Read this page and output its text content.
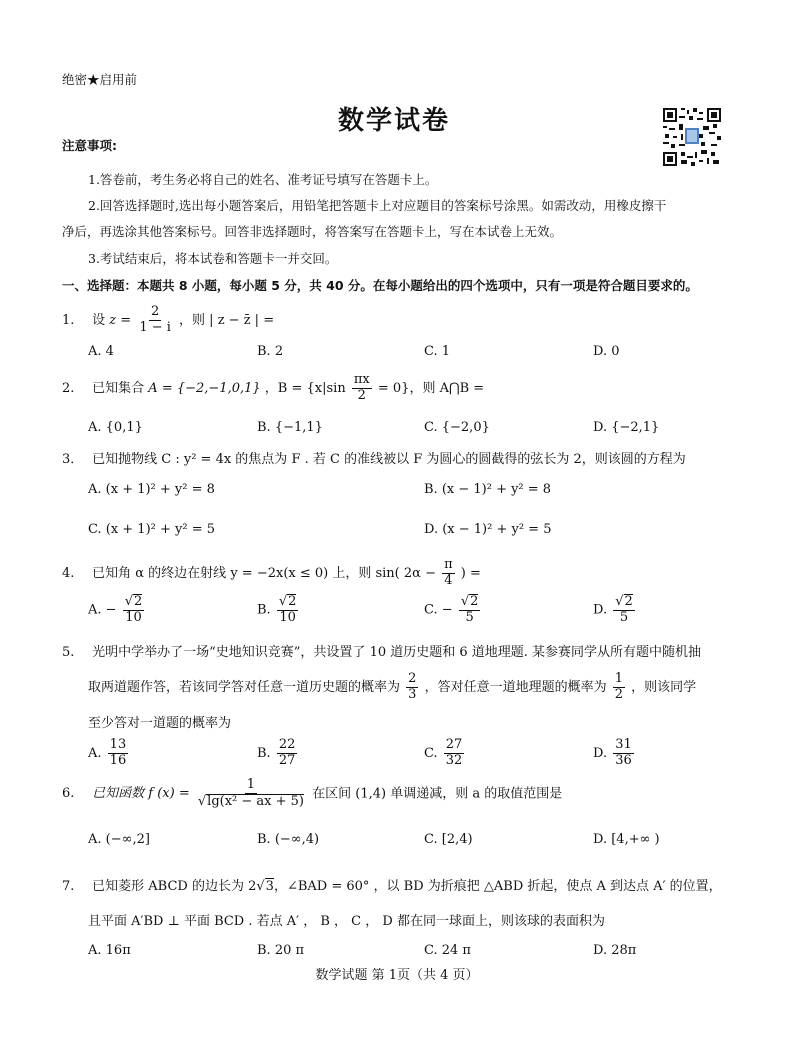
绝密★启用前
数学试卷
注意事项:
1.答卷前，考生务必将自己的姓名、准考证号填写在答题卡上。
2.回答选择题时,选出每小题答案后，用铅笔把答题卡上对应题目的答案标号涂黑。如需改动，用橡皮擦干
净后，再选涂其他答案标号。回答非选择题时，将答案写在答题卡上，写在本试卷上无效。
3.考试结束后，将本试卷和答题卡一并交回。
一、选择题：本题共 8 小题，每小题 5 分，共 40 分。在每小题给出的四个选项中，只有一项是符合题目要求的。
1. 设 $z = \frac{2}{1 - i}$ ，则 | z − z̄ | =
A. 4	B. 2	C. 1	D. 0
2. 已知集合 A = {−2,−1,0,1} ，$B = \{x|\sin \frac{\pi x}{2} = 0\}$，则 A⋂B =
A. {0,1}	B. {−1,1}	C. {−2,0}	D. {−2,1}
3． 已知抛物线 C : y² = 4x 的焦点为 F . 若 C 的准线被以 F 为圆心的圆截得的弦长为 2，则该圆的方程为
A. (x + 1)² + y² = 8	B. (x − 1)² + y² = 8
C. (x + 1)² + y² = 5	D. (x − 1)² + y² = 5
4. 已知角 α 的终边在射线 y = −2x(x ≤ 0) 上，则 sin( $2\alpha - \frac{\pi}{4}$ ) =
A. − $\frac{√2}{10}$	B. $\frac{√2}{10}$	C. − $\frac{√2}{5}$	D. $\frac{√2}{5}$
5. 光明中学举办了一场“史地知识竞赛”，共设置了 10 道历史题和 6 道地理题. 某参赛同学从所有题中随机抽
取两道题作答，若该同学答对任意一道历史题的概率为 $\frac{2}{3}$ ，答对任意一道地理题的概率为 $\frac{1}{2}$ ，则该同学
至少答对一道题的概率为
A. $\frac{13}{16}$	B. $\frac{22}{27}$	C. $\frac{27}{32}$	D. $\frac{31}{36}$
6. 已知函数 f $(x) = \frac{1}{\text{√lg(x² − ax + 5)}}$ 在区间 (1,4) 单调递减，则 a 的取值范围是
A. (−∞,2]	B. (−∞,4)	C. [2,4)	D. [4,+∞ )
7. 已知菱形 ABCD 的边长为 2√3，∠BAD = 60° ，以 BD 为折痕把 △ABD 折起，使点 A 到达点 A′ 的位置，
且平面 A′BD ⊥ 平面 BCD . 若点 A′ ， B ， C ， D 都在同一球面上，则该球的表面积为
A. 16π	B. 20 π	C. 24 π	D. 28π
数学试题 第 1页（共 4 页）
